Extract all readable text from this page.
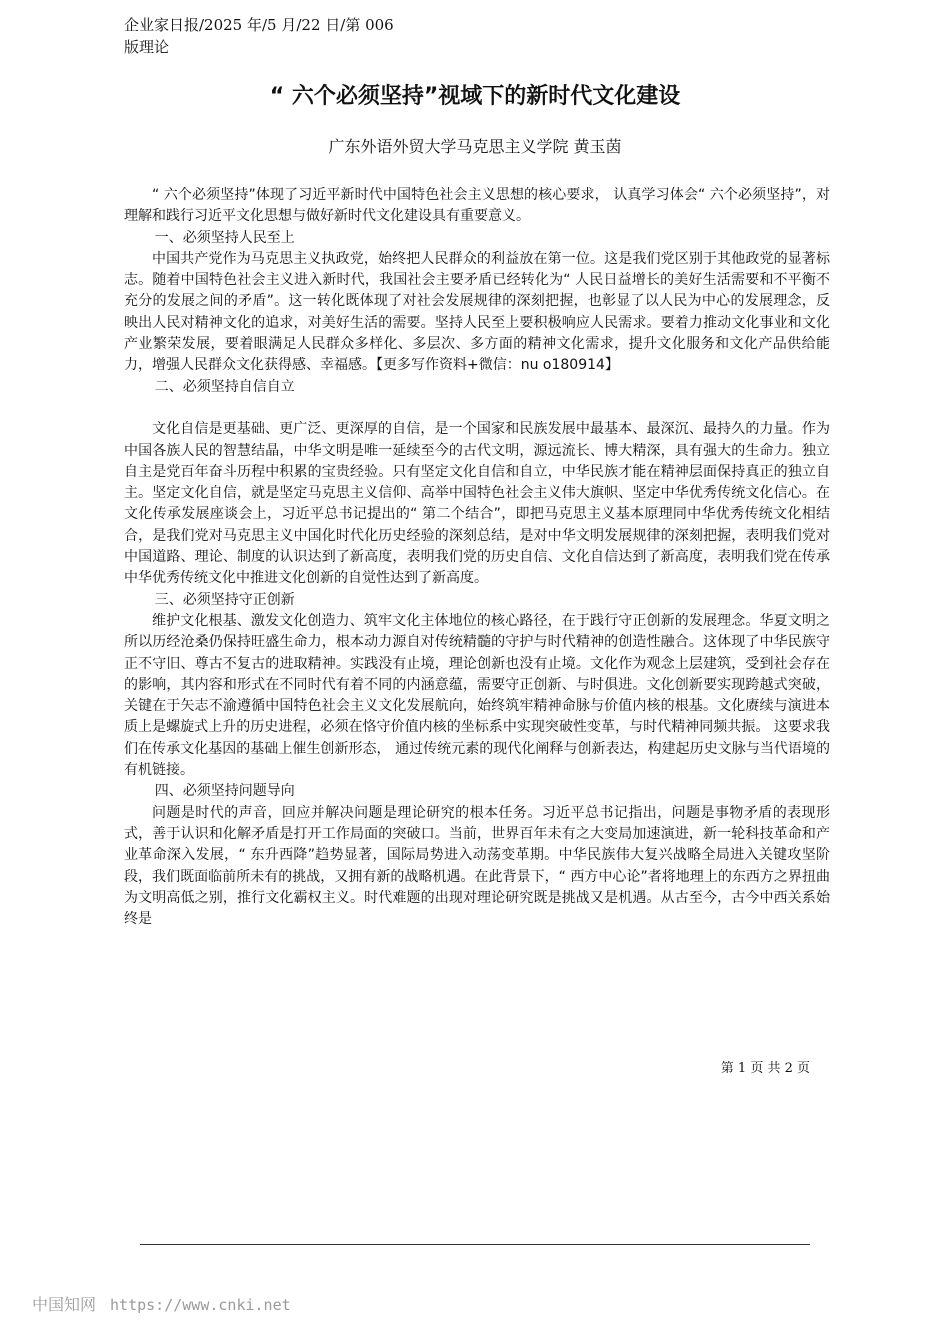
企业家日报/2025 年/5 月/22 日/第 006
版理论

“ 六个必须坚持”视域下的新时代文化建设

广东外语外贸大学马克思主义学院 黄玉茵

“ 六个必须坚持”体现了习近平新时代中国特色社会主义思想的核心要求， 认真学习体会“ 六个必须坚持”，对理解和践行习近平文化思想与做好新时代文化建设具有重要意义。

一、必须坚持人民至上

中国共产党作为马克思主义执政党，始终把人民群众的利益放在第一位。这是我们党区别于其他政党的显著标志。随着中国特色社会主义进入新时代，我国社会主要矛盾已经转化为“ 人民日益增长的美好生活需要和不平衡不充分的发展之间的矛盾”。这一转化既体现了对社会发展规律的深刻把握，也彰显了以人民为中心的发展理念，反映出人民对精神文化的追求，对美好生活的需要。坚持人民至上要积极响应人民需求。要着力推动文化事业和文化产业繁荣发展，要着眼满足人民群众多样化、多层次、多方面的精神文化需求，提升文化服务和文化产品供给能力，增强人民群众文化获得感、幸福感。【更多写作资料+微信：nu o180914】

二、必须坚持自信自立

文化自信是更基础、更广泛、更深厚的自信，是一个国家和民族发展中最基本、最深沉、最持久的力量。作为中国各族人民的智慧结晶，中华文明是唯一延续至今的古代文明，源远流长、博大精深，具有强大的生命力。独立自主是党百年奋斗历程中积累的宝贵经验。只有坚定文化自信和自立，中华民族才能在精神层面保持真正的独立自主。坚定文化自信，就是坚定马克思主义信仰、高举中国特色社会主义伟大旗帜、坚定中华优秀传统文化信心。在文化传承发展座谈会上，习近平总书记提出的“ 第二个结合”，即把马克思主义基本原理同中华优秀传统文化相结合，是我们党对马克思主义中国化时代化历史经验的深刻总结，是对中华文明发展规律的深刻把握，表明我们党对中国道路、理论、制度的认识达到了新高度，表明我们党的历史自信、文化自信达到了新高度，表明我们党在传承中华优秀传统文化中推进文化创新的自觉性达到了新高度。

三、必须坚持守正创新

维护文化根基、激发文化创造力、筑牢文化主体地位的核心路径，在于践行守正创新的发展理念。华夏文明之所以历经沧桑仍保持旺盛生命力，根本动力源自对传统精髓的守护与时代精神的创造性融合。这体现了中华民族守正不守旧、尊古不复古的进取精神。实践没有止境，理论创新也没有止境。文化作为观念上层建筑，受到社会存在的影响，其内容和形式在不同时代有着不同的内涵意蕴，需要守正创新、与时俱进。文化创新要实现跨越式突破，关键在于矢志不渝遵循中国特色社会主义文化发展航向，始终筑牢精神命脉与价值内核的根基。文化赓续与演进本质上是螺旋式上升的历史进程，必须在恪守价值内核的坐标系中实现突破性变革，与时代精神同频共振。 这要求我们在传承文化基因的基础上催生创新形态， 通过传统元素的现代化阐释与创新表达，构建起历史文脉与当代语境的有机链接。

四、必须坚持问题导向

问题是时代的声音，回应并解决问题是理论研究的根本任务。习近平总书记指出，问题是事物矛盾的表现形式，善于认识和化解矛盾是打开工作局面的突破口。当前，世界百年未有之大变局加速演进，新一轮科技革命和产业革命深入发展，“ 东升西降”趋势显著，国际局势进入动荡变革期。中华民族伟大复兴战略全局进入关键攻坚阶段，我们既面临前所未有的挑战，又拥有新的战略机遇。在此背景下，“ 西方中心论”者将地理上的东西方之界扭曲为文明高低之别，推行文化霸权主义。时代难题的出现对理论研究既是挑战又是机遇。从古至今，古今中西关系始终是

第 1 页 共 2 页

中国知网 https://www.cnki.net
